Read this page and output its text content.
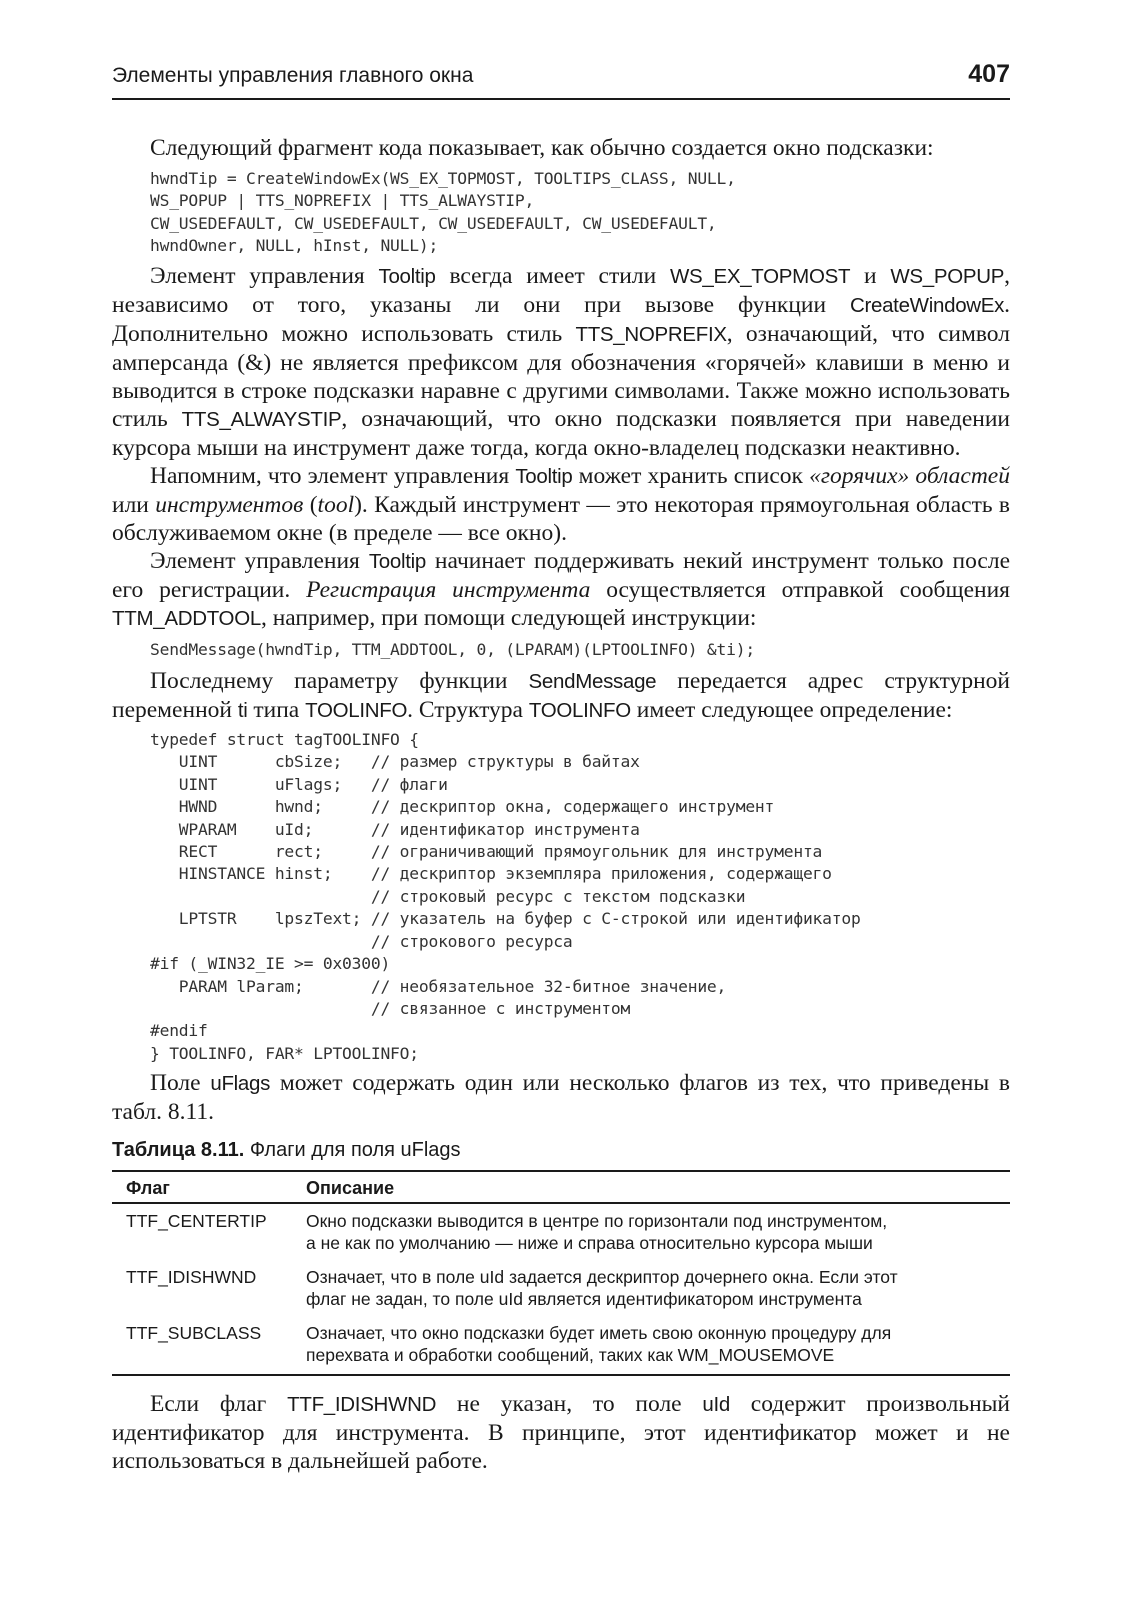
Элементы управления главного окна	407

Следующий фрагмент кода показывает, как обычно создается окно подсказки:

hwndTip = CreateWindowEx(WS_EX_TOPMOST, TOOLTIPS_CLASS, NULL,
WS_POPUP | TTS_NOPREFIX | TTS_ALWAYSTIP,
CW_USEDEFAULT, CW_USEDEFAULT, CW_USEDEFAULT, CW_USEDEFAULT,
hwndOwner, NULL, hInst, NULL);

Элемент управления Tooltip всегда имеет стили WS_EX_TOPMOST и WS_POPUP, независимо от того, указаны ли они при вызове функции CreateWindowEx. Дополнительно можно использовать стиль TTS_NOPREFIX, означающий, что символ амперсанда (&) не является префиксом для обозначения «горячей» клавиши в меню и выводится в строке подсказки наравне с другими символами. Также можно использовать стиль TTS_ALWAYSTIP, означающий, что окно подсказки появляется при наведении курсора мыши на инструмент даже тогда, когда окно-владелец подсказки неактивно.

Напомним, что элемент управления Tooltip может хранить список «горячих» областей или инструментов (tool). Каждый инструмент — это некоторая прямоугольная область в обслуживаемом окне (в пределе — все окно).

Элемент управления Tooltip начинает поддерживать некий инструмент только после его регистрации. Регистрация инструмента осуществляется отправкой сообщения TTM_ADDTOOL, например, при помощи следующей инструкции:

SendMessage(hwndTip, TTM_ADDTOOL, 0, (LPARAM)(LPTOOLINFO) &ti);

Последнему параметру функции SendMessage передается адрес структурной переменной ti типа TOOLINFO. Структура TOOLINFO имеет следующее определение:

typedef struct tagTOOLINFO {
UINT      cbSize;   // размер структуры в байтах
UINT      uFlags;   // флаги
HWND      hwnd;     // дескриптор окна, содержащего инструмент
WPARAM    uId;      // идентификатор инструмента
RECT      rect;     // ограничивающий прямоугольник для инструмента
HINSTANCE hinst;    // дескриптор экземпляра приложения, содержащего
// строковый ресурс с текстом подсказки
LPTSTR    lpszText; // указатель на буфер с С-строкой или идентификатор
// строкового ресурса
#if (_WIN32_IE >= 0x0300)
PARAM lParam;       // необязательное 32-битное значение,
// связанное с инструментом
#endif
} TOOLINFO, FAR* LPTOOLINFO;

Поле uFlags может содержать один или несколько флагов из тех, что приведены в табл. 8.11.

Таблица 8.11. Флаги для поля uFlags
Флаг	Описание
TTF_CENTERTIP	Окно подсказки выводится в центре по горизонтали под инструментом,
а не как по умолчанию — ниже и справа относительно курсора мыши
TTF_IDISHWND	Означает, что в поле uId задается дескриптор дочернего окна. Если этот
флаг не задан, то поле uId является идентификатором инструмента
TTF_SUBCLASS	Означает, что окно подсказки будет иметь свою оконную процедуру для
перехвата и обработки сообщений, таких как WM_MOUSEMOVE

Если флаг TTF_IDISHWND не указан, то поле uId содержит произвольный идентификатор для инструмента. В принципе, этот идентификатор может и не использоваться в дальнейшей работе.
